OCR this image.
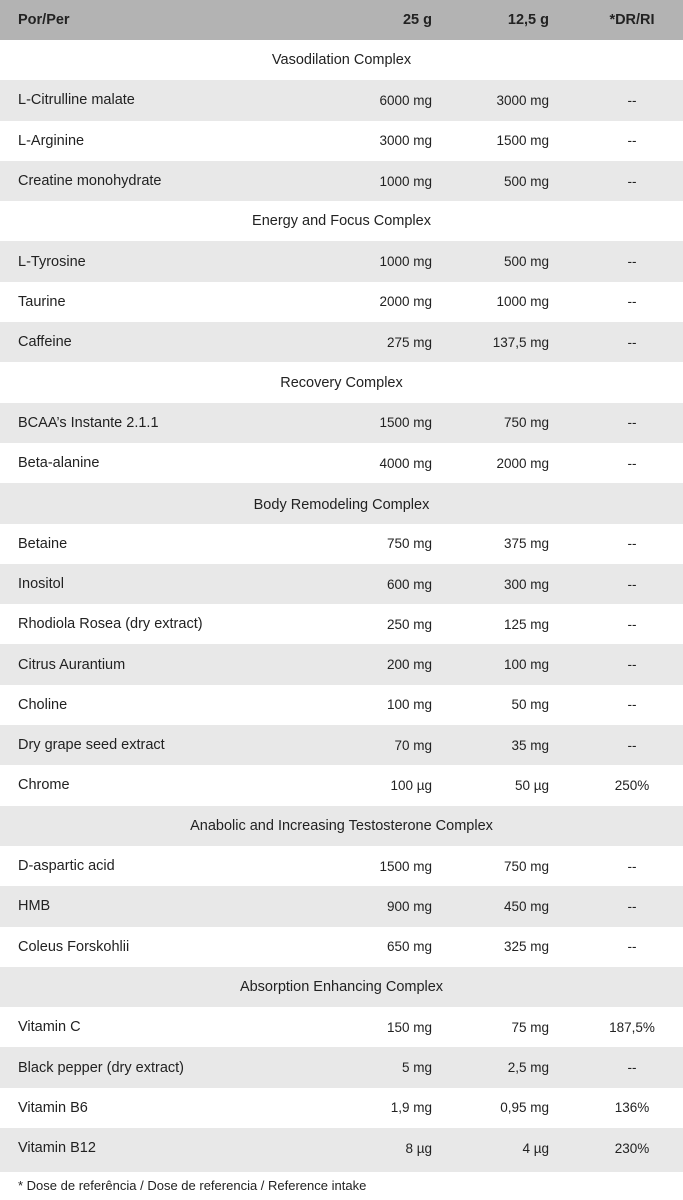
Por/Per	25 g	12,5 g	*DR/RI
Vasodilation Complex
L-Citrulline malate	6000 mg	3000 mg	--
L-Arginine	3000 mg	1500 mg	--
Creatine monohydrate	1000 mg	500 mg	--
Energy and Focus Complex
L-Tyrosine	1000 mg	500 mg	--
Taurine	2000 mg	1000 mg	--
Caffeine	275 mg	137,5 mg	--
Recovery Complex
BCAA’s Instante 2.1.1	1500 mg	750 mg	--
Beta-alanine	4000 mg	2000 mg	--
Body Remodeling Complex
Betaine	750 mg	375 mg	--
Inositol	600 mg	300 mg	--
Rhodiola Rosea (dry extract)	250 mg	125 mg	--
Citrus Aurantium	200 mg	100 mg	--
Choline	100 mg	50 mg	--
Dry grape seed extract	70 mg	35 mg	--
Chrome	100 µg	50 µg	250%
Anabolic and Increasing Testosterone Complex
D-aspartic acid	1500 mg	750 mg	--
HMB	900 mg	450 mg	--
Coleus Forskohlii	650 mg	325 mg	--
Absorption Enhancing Complex
Vitamin C	150 mg	75 mg	187,5%
Black pepper (dry extract)	5 mg	2,5 mg	--
Vitamin B6	1,9 mg	0,95 mg	136%
Vitamin B12	8 µg	4 µg	230%
* Dose de referência / Dose de referencia / Reference intake
